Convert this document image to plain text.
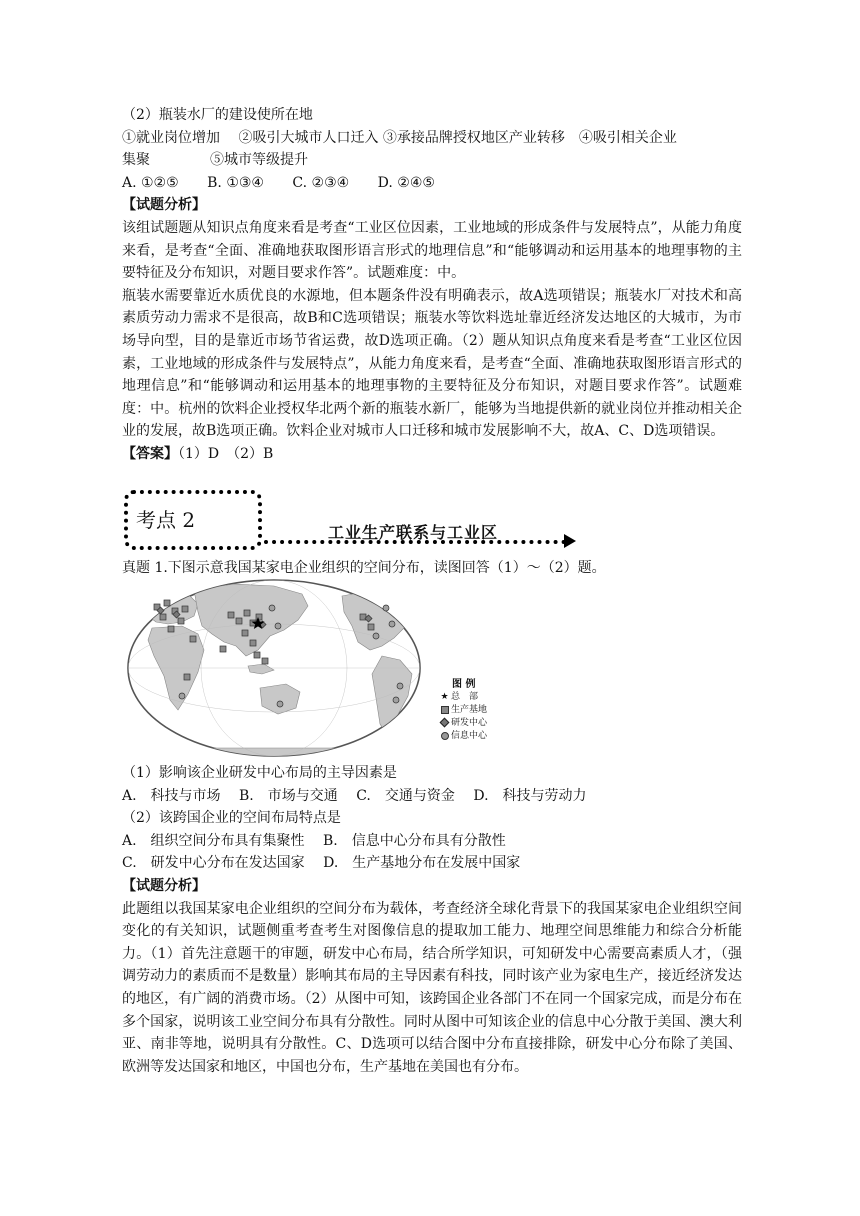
（2）瓶装水厂的建设使所在地
①就业岗位增加　 ②吸引大城市人口迁入 ③承接品牌授权地区产业转移　④吸引相关企业
集聚	⑤城市等级提升
A. ①②⑤ B. ①③④ C. ②③④ D. ②④⑤
【试题分析】
该组试题题从知识点角度来看是考查“工业区位因素，工业地域的形成条件与发展特点”，从能力角度来看，是考查“全面、准确地获取图形语言形式的地理信息”和“能够调动和运用基本的地理事物的主要特征及分布知识，对题目要求作答”。试题难度：中。
瓶装水需要靠近水质优良的水源地，但本题条件没有明确表示，故A选项错误；瓶装水厂对技术和高素质劳动力需求不是很高，故B和C选项错误；瓶装水等饮料选址靠近经济发达地区的大城市，为市场导向型，目的是靠近市场节省运费，故D选项正确。（2）题从知识点角度来看是考查“工业区位因素，工业地域的形成条件与发展特点”，从能力角度来看，是考查“全面、准确地获取图形语言形式的地理信息”和“能够调动和运用基本的地理事物的主要特征及分布知识，对题目要求作答”。试题难度：中。杭州的饮料企业授权华北两个新的瓶装水新厂，能够为当地提供新的就业岗位并推动相关企业的发展，故B选项正确。饮料企业对城市人口迁移和城市发展影响不大，故A、C、D选项错误。
【答案】（1）D　（2）B
考点 2
工业生产联系与工业区
真题 1.下图示意我国某家电企业组织的空间分布，读图回答（1）～（2）题。
图 例
★ 总　部
生产基地
研发中心
信息中心
（1）影响该企业研发中心布局的主导因素是
A.　科技与市场 B.　市场与交通 C.　交通与资金 D.　科技与劳动力
（2）该跨国企业的空间布局特点是
A.　组织空间分布具有集聚性 B.　信息中心分布具有分散性
C.　研发中心分布在发达国家 D.　生产基地分布在发展中国家
【试题分析】
此题组以我国某家电企业组织的空间分布为载体，考查经济全球化背景下的我国某家电企业组织空间变化的有关知识，试题侧重考查考生对图像信息的提取加工能力、地理空间思维能力和综合分析能力。（1）首先注意题干的审题，研发中心布局，结合所学知识，可知研发中心需要高素质人才，（强调劳动力的素质而不是数量）影响其布局的主导因素有科技，同时该产业为家电生产，接近经济发达的地区，有广阔的消费市场。（2）从图中可知，该跨国企业各部门不在同一个国家完成，而是分布在多个国家，说明该工业空间分布具有分散性。同时从图中可知该企业的信息中心分散于美国、澳大利亚、南非等地，说明具有分散性。C、D选项可以结合图中分布直接排除，研发中心分布除了美国、欧洲等发达国家和地区，中国也分布，生产基地在美国也有分布。
